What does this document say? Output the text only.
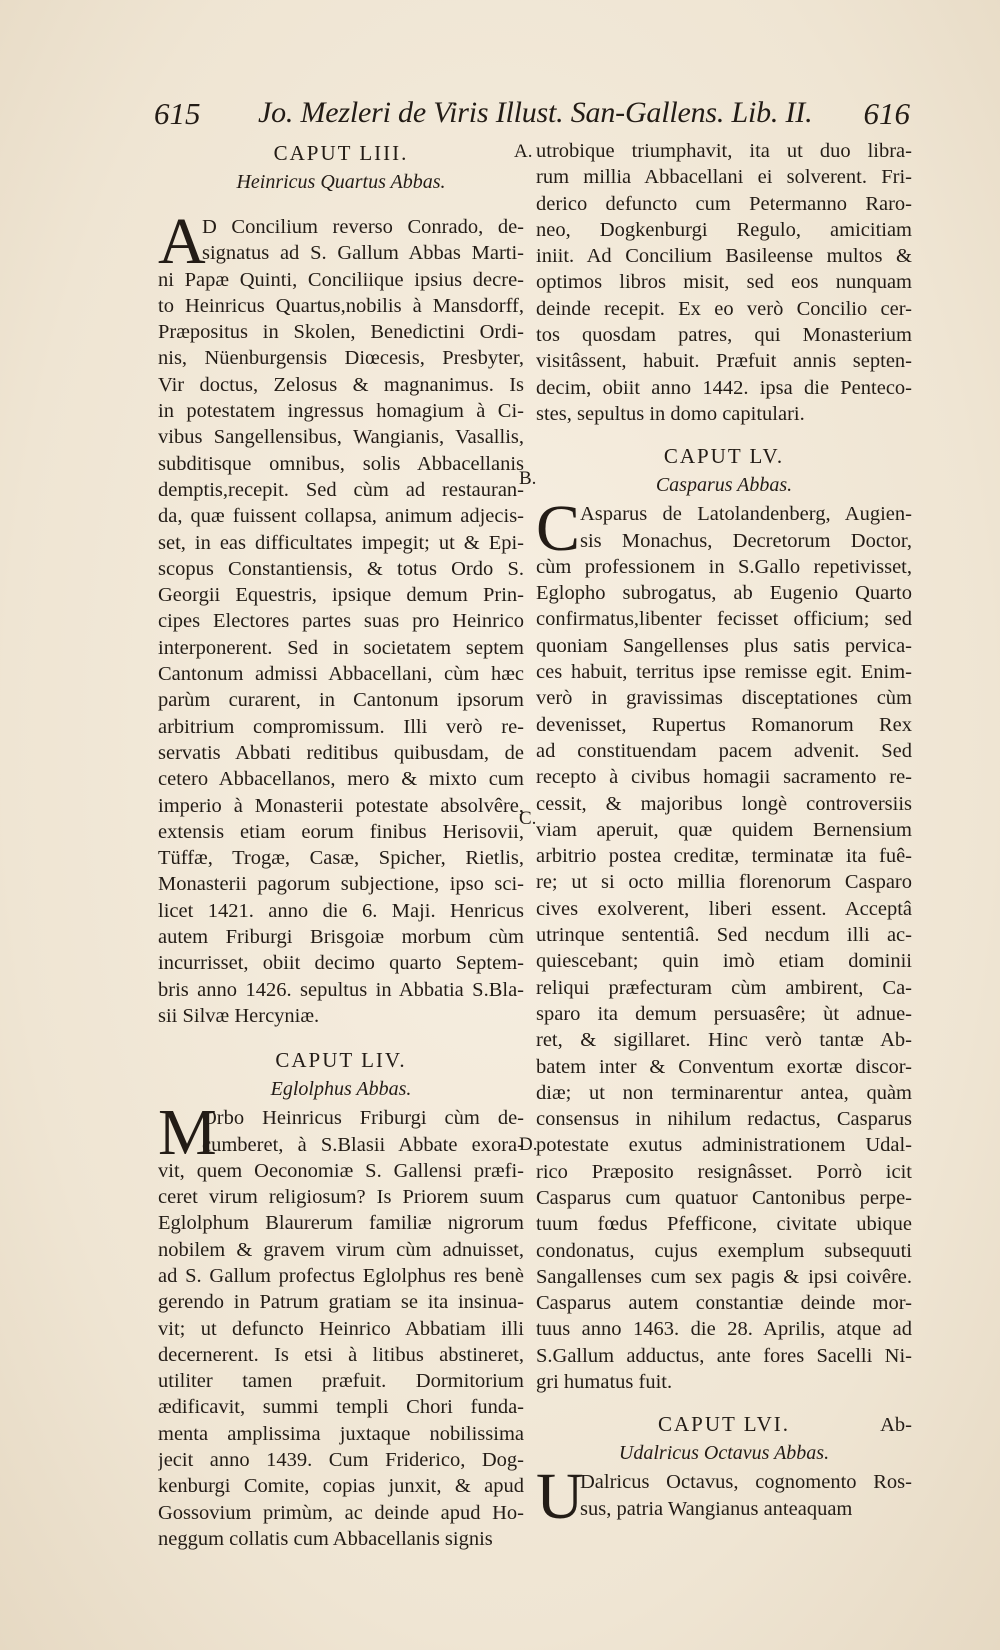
615 Jo. Mezleri de Viris Illust. San-Gallens. Lib. II. 616
CAPUT LIII.
Heinricus Quartus Abbas.
A
D Concilium reverso Conrado, de-
signatus ad S. Gallum Abbas Marti-
ni Papæ Quinti, Conciliique ipsius decre-
to Heinricus Quartus,nobilis à Mansdorff,
Præpositus in Skolen, Benedictini Ordi-
nis, Nüenburgensis Diœcesis, Presbyter,
Vir doctus, Zelosus & magnanimus. Is
in potestatem ingressus homagium à Ci-
vibus Sangellensibus, Wangianis, Vasallis,
subditisque omnibus, solis Abbacellanis
demptis,recepit. Sed cùm ad restauran-
da, quæ fuissent collapsa, animum adjecis-
set, in eas difficultates impegit; ut & Epi-
scopus Constantiensis, & totus Ordo S.
Georgii Equestris, ipsique demum Prin-
cipes Electores partes suas pro Heinrico
interponerent. Sed in societatem septem
Cantonum admissi Abbacellani, cùm hæc
parùm curarent, in Cantonum ipsorum
arbitrium compromissum. Illi verò re-
servatis Abbati reditibus quibusdam, de
cetero Abbacellanos, mero & mixto cum
imperio à Monasterii potestate absolvêre,
extensis etiam eorum finibus Herisovii,
Tüffæ, Trogæ, Casæ, Spicher, Rietlis,
Monasterii pagorum subjectione, ipso sci-
licet 1421. anno die 6. Maji. Henricus
autem Friburgi Brisgoiæ morbum cùm
incurrisset, obiit decimo quarto Septem-
bris anno 1426. sepultus in Abbatia S.Bla-
sii Silvæ Hercyniæ.
CAPUT LIV.
Eglolphus Abbas.
M
Orbo Heinricus Friburgi cùm de-
cumberet, à S.Blasii Abbate exora-
vit, quem Oeconomiæ S. Gallensi præfi-
ceret virum religiosum? Is Priorem suum
Eglolphum Blaurerum familiæ nigrorum
nobilem & gravem virum cùm adnuisset,
ad S. Gallum profectus Eglolphus res benè
gerendo in Patrum gratiam se ita insinua-
vit; ut defuncto Heinrico Abbatiam illi
decernerent. Is etsi à litibus abstineret,
utiliter tamen præfuit. Dormitorium
ædificavit, summi templi Chori funda-
menta amplissima juxtaque nobilissima
jecit anno 1439. Cum Friderico, Dog-
kenburgi Comite, copias junxit, & apud
Gossovium primùm, ac deinde apud Ho-
neggum collatis cum Abbacellanis signis
utrobique triumphavit, ita ut duo libra-
rum millia Abbacellani ei solverent. Fri-
derico defuncto cum Petermanno Raro-
neo, Dogkenburgi Regulo, amicitiam
iniit. Ad Concilium Basileense multos &
optimos libros misit, sed eos nunquam
deinde recepit. Ex eo verò Concilio cer-
tos quosdam patres, qui Monasterium
visitâssent, habuit. Præfuit annis septen-
decim, obiit anno 1442. ipsa die Penteco-
stes, sepultus in domo capitulari.
CAPUT LV.
Casparus Abbas.
C Asparus de Latolandenberg, Augien-
sis Monachus, Decretorum Doctor,
cùm professionem in S.Gallo repetivisset,
Eglopho subrogatus, ab Eugenio Quarto
confirmatus,libenter fecisset officium; sed
quoniam Sangellenses plus satis pervica-
ces habuit, territus ipse remisse egit. Enim-
verò in gravissimas disceptationes cùm
devenisset, Rupertus Romanorum Rex
ad constituendam pacem advenit. Sed
recepto à civibus homagii sacramento re-
cessit, & majoribus longè controversiis
viam aperuit, quæ quidem Bernensium
arbitrio postea creditæ, terminatæ ita fuê-
re; ut si octo millia florenorum Casparo
cives exolverent, liberi essent. Acceptâ
utrinque sententiâ. Sed necdum illi ac-
quiescebant; quin imò etiam dominii
reliqui præfecturam cùm ambirent, Ca-
sparo ita demum persuasêre; ùt adnue-
ret, & sigillaret. Hinc verò tantæ Ab-
batem inter & Conventum exortæ discor-
diæ; ut non terminarentur antea, quàm
consensus in nihilum redactus, Casparus
potestate exutus administrationem Udal-
rico Præposito resignâsset. Porrò icit
Casparus cum quatuor Cantonibus perpe-
tuum fœdus Pfefficone, civitate ubique
condonatus, cujus exemplum subsequuti
Sangallenses cum sex pagis & ipsi coivêre.
Casparus autem constantiæ deinde mor-
tuus anno 1463. die 28. Aprilis, atque ad
S.Gallum adductus, ante fores Sacelli Ni-
gri humatus fuit.
CAPUT LVI.
Udalricus Octavus Abbas.
U
Dalricus Octavus, cognomento Ros-
sus, patria Wangianus anteaquam
Ab-
A.
B.
C.
D.
